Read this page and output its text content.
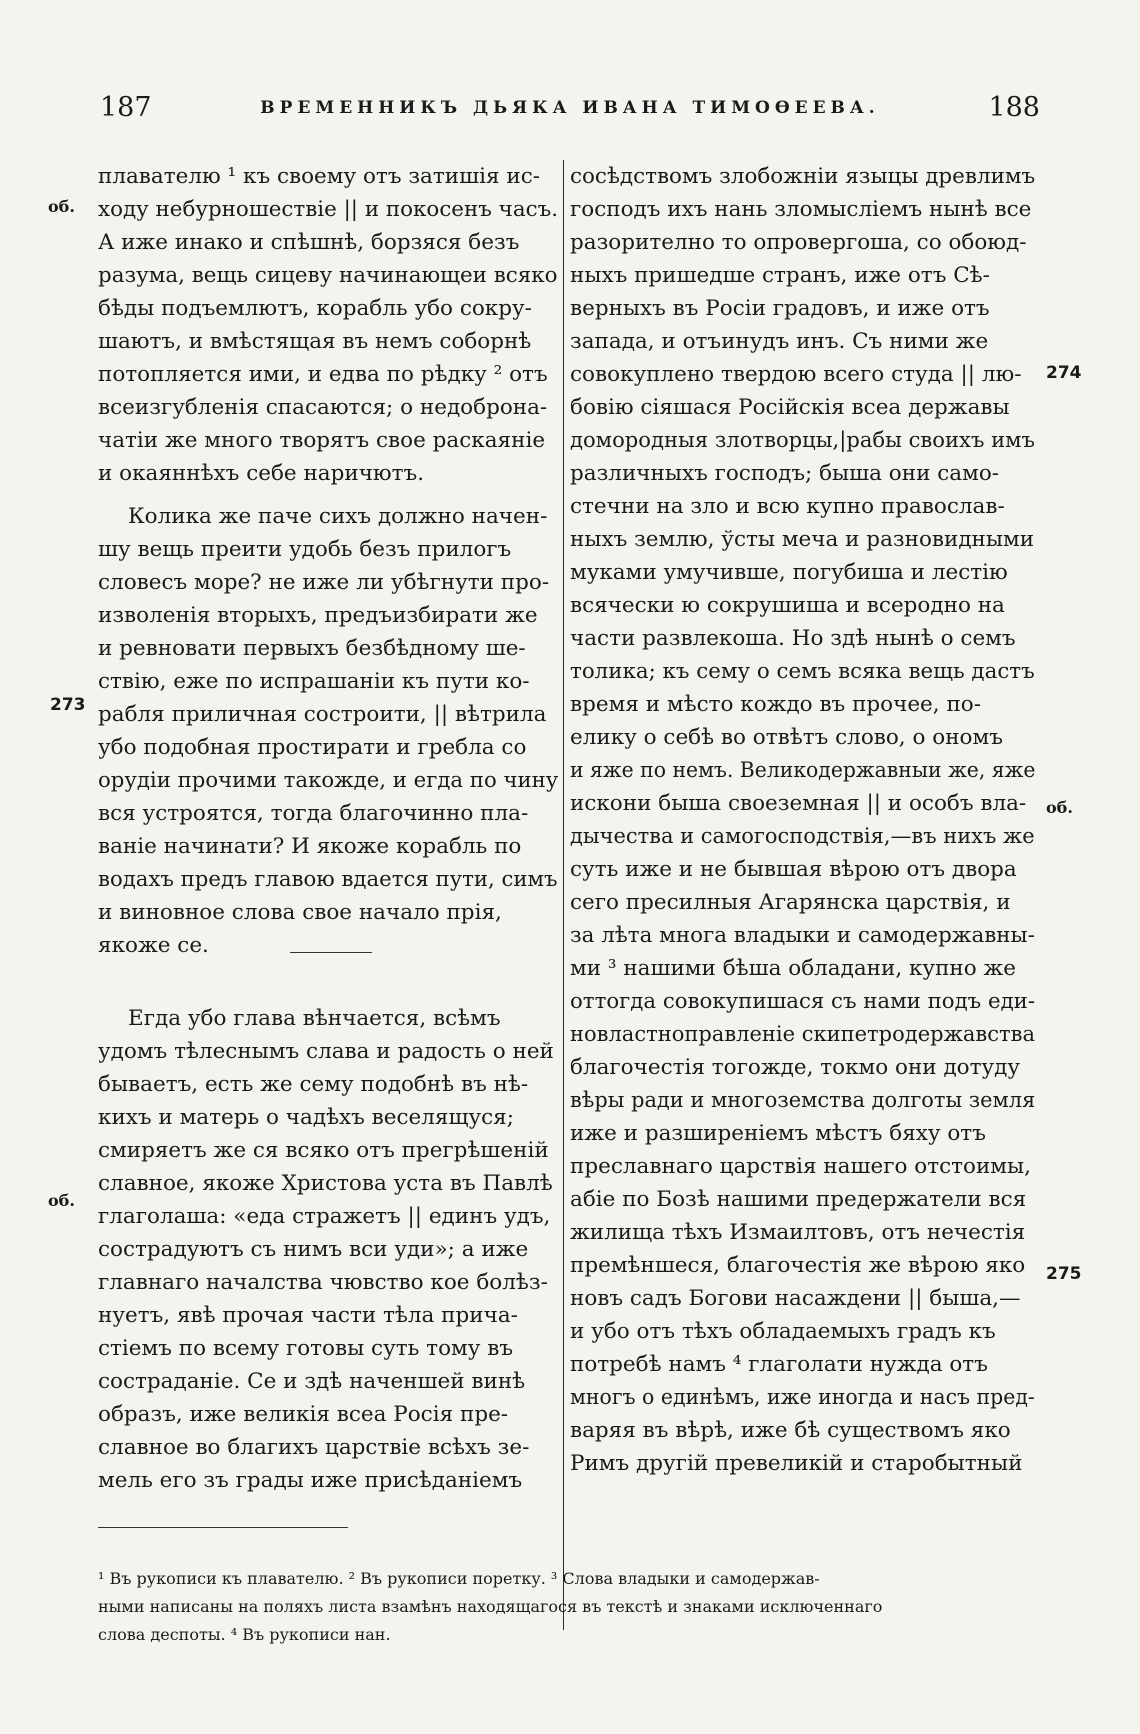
187	ВРЕМЕННИКЪ ДЬЯКА ИВАНА ТИМОѲЕЕВА.	188
об.
273
об.
274
об.
275
плавателю ¹ къ своему отъ затишія ис-
ходу небурношествіе || и покосенъ часъ.
А иже инако и спѣшнѣ, борзяся безъ
разума, вещь сицеву начинающеи всяко
бѣды подъемлютъ, корабль убо сокру-
шаютъ, и вмѣстящая въ немъ соборнѣ
потопляется ими, и едва по рѣдку ² отъ
всеизгубленія спасаются; о недоброна-
чатіи же много творятъ свое раскаяніе
и окаяннѣхъ себе наричютъ.
Колика же паче сихъ должно начен-
шу вещь преити удобь безъ прилогъ
словесъ море? не иже ли убѣгнути про-
изволенія вторыхъ, предъизбирати же
и ревновати первыхъ безбѣдному ше-
ствію, еже по испрашаніи къ пути ко-
рабля приличная состроити, || вѣтрила
убо подобная простирати и гребла со
орудіи прочими такожде, и егда по чину
вся устроятся, тогда благочинно пла-
ваніе начинати? И якоже корабль по
водахъ предъ главою вдается пути, симъ
и виновное слова свое начало прія,
якоже се.
Егда убо глава вѣнчается, всѣмъ
удомъ тѣлеснымъ слава и радость о ней
бываетъ, есть же сему подобнѣ въ нѣ-
кихъ и матерь о чадѣхъ веселящуся;
смиряетъ же ся всяко отъ прегрѣшеній
славное, якоже Христова уста въ Павлѣ
глаголаша: «еда стражетъ || единъ удъ,
сострадуютъ съ нимъ вси уди»; а иже
главнаго началства чювство кое болѣз-
нуетъ, явѣ прочая части тѣла прича-
стіемъ по всему готовы суть тому въ
состраданіе. Се и здѣ наченшей винѣ
образъ, иже великія всеа Росія пре-
славное во благихъ царствіе всѣхъ зе-
мель его зъ грады иже присѣданіемъ
сосѣдствомъ злобожніи языцы древлимъ
господъ ихъ нань зломысліемъ нынѣ все
разорително то опровергоша, со обоюд-
ныхъ пришедше странъ, иже отъ Сѣ-
верныхъ въ Росіи градовъ, и иже отъ
запада, и отъинудъ инъ. Съ ними же
совокуплено твердою всего студа || лю-
бовію сіяшася Російскія всеа державы
домородныя злотворцы,|рабы своихъ имъ
различныхъ господъ; быша они само-
стечни на зло и всю купно православ-
ныхъ землю, ўсты меча и разновидными
муками умучивше, погубиша и лестію
всячески ю сокрушиша и всеродно на
части развлекоша. Но здѣ нынѣ о семъ
толика; къ сему о семъ всяка вещь дастъ
время и мѣсто кождо въ прочее, по-
елику о себѣ во отвѣтъ слово, о ономъ
и яже по немъ. Великодержавныи же, яже
искони быша своеземная || и особъ вла-
дычества и самогосподствія,—въ нихъ же
суть иже и не бывшая вѣрою отъ двора
сего пресилныя Агарянска царствія, и
за лѣта многа владыки и самодержавны-
ми ³ нашими бѣша обладани, купно же
оттогда совокупишася съ нами подъ еди-
новластноправленіе скипетродержавства
благочестія тогожде, токмо они дотуду
вѣры ради и многоземства долготы земля
иже и разширеніемъ мѣстъ бяху отъ
преславнаго царствія нашего отстоимы,
абіе по Бозѣ нашими предержатели вся
жилища тѣхъ Измаилтовъ, отъ нечестія
премѣншеся, благочестія же вѣрою яко
новъ садъ Богови насаждени || быша,—
и убо отъ тѣхъ обладаемыхъ градъ къ
потребѣ намъ ⁴ глаголати нужда отъ
многъ о единѣмъ, иже иногда и насъ пред-
варяя въ вѣрѣ, иже бѣ существомъ яко
Римъ другій превеликій и старобытный
¹ Въ рукописи къ плавателю. ² Въ рукописи поретку. ³ Слова владыки и самодержав-
ными написаны на поляхъ листа взамѣнъ находящагося въ текстѣ и знаками исключеннаго
слова деспоты. ⁴ Въ рукописи нан.
